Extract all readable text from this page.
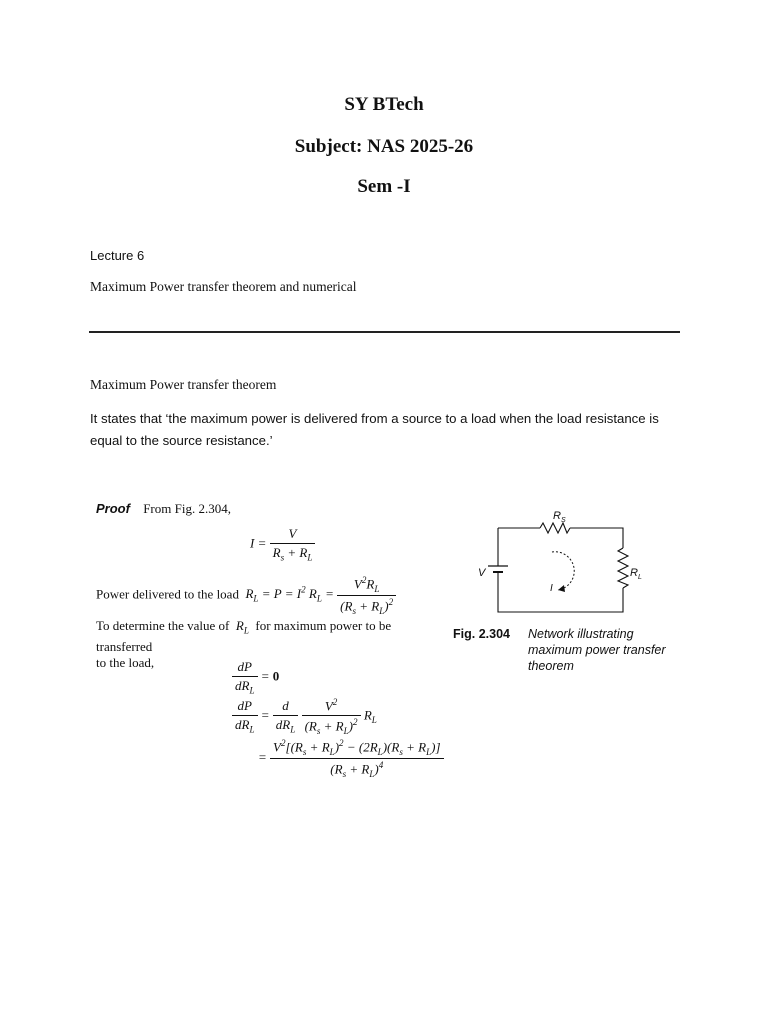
SY BTech
Subject: NAS 2025-26
Sem -I
Lecture 6
Maximum Power transfer theorem and numerical
Maximum Power transfer theorem
It states that ‘the maximum power is delivered from a source to a load when the load resistance is equal to the source resistance.’
Proof From Fig. 2.304,
$I = \frac{V}{R_s + R_L}$
Power delivered to the load  $R_L = P = I^2$ $R_L = \frac{V^2R_L}{(R_s + R_L)^2}$
To determine the value of  $R_L$ for maximum power to be transferred
to the load,	$\frac{dP}{dR_L} = 0$
$\frac{dP}{dR_L} = \frac{d}{dR_L}$
$\frac{V^2}{(R_s + R_L)^2} R_L$
= $\frac{V^2[(R_s + R_L)^2 - (2R_L)(R_s + R_L)]}{(R_s + R_L)^4}$
$R_S$
$R_L$
V
I
Fig. 2.304 Network illustrating maximum power transfer theorem
